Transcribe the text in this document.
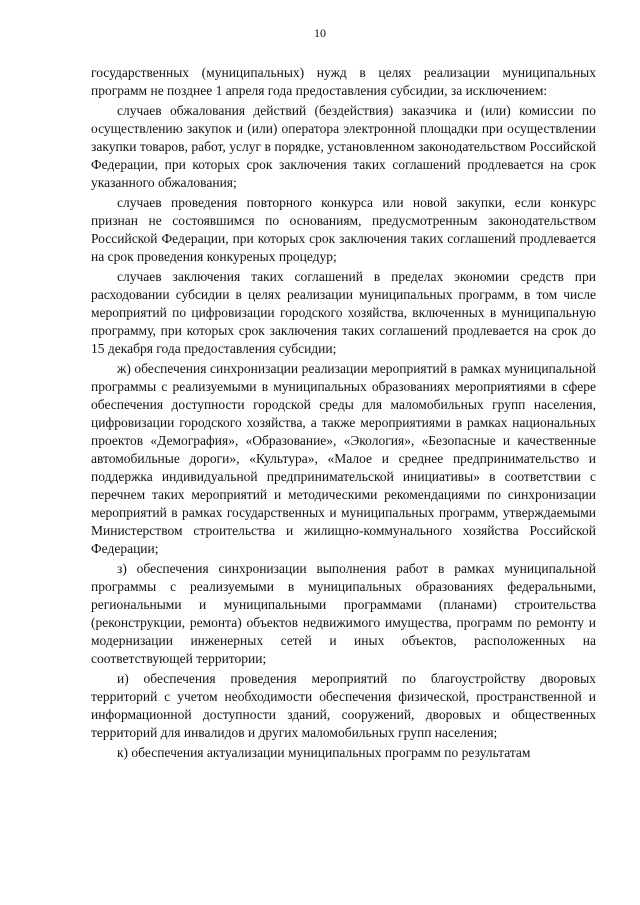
10

государственных (муниципальных) нужд в целях реализации муниципальных программ не позднее 1 апреля года предоставления субсидии, за исключением:

случаев обжалования действий (бездействия) заказчика и (или) комиссии по осуществлению закупок и (или) оператора электронной площадки при осуществлении закупки товаров, работ, услуг в порядке, установленном законодательством Российской Федерации, при которых срок заключения таких соглашений продлевается на срок указанного обжалования;

случаев проведения повторного конкурса или новой закупки, если конкурс признан не состоявшимся по основаниям, предусмотренным законодательством Российской Федерации, при которых срок заключения таких соглашений продлевается на срок проведения конкуреных процедур;

случаев заключения таких соглашений в пределах экономии средств при расходовании субсидии в целях реализации муниципальных программ, в том числе мероприятий по цифровизации городского хозяйства, включенных в муниципальную программу, при которых срок заключения таких соглашений продлевается на срок до 15 декабря года предоставления субсидии;

ж) обеспечения синхронизации реализации мероприятий в рамках муниципальной программы с реализуемыми в муниципальных образованиях мероприятиями в сфере обеспечения доступности городской среды для маломобильных групп населения, цифровизации городского хозяйства, а также мероприятиями в рамках национальных проектов «Демография», «Образование», «Экология», «Безопасные и качественные автомобильные дороги», «Культура», «Малое и среднее предпринимательство и поддержка индивидуальной предпринимательской инициативы» в соответствии с перечнем таких мероприятий и методическими рекомендациями по синхронизации мероприятий в рамках государственных и муниципальных программ, утверждаемыми Министерством строительства и жилищно-коммунального хозяйства Российской Федерации;

з) обеспечения синхронизации выполнения работ в рамках муниципальной программы с реализуемыми в муниципальных образованиях федеральными, региональными и муниципальными программами (планами) строительства (реконструкции, ремонта) объектов недвижимого имущества, программ по ремонту и модернизации инженерных сетей и иных объектов, расположенных на соответствующей территории;

и) обеспечения проведения мероприятий по благоустройству дворовых территорий с учетом необходимости обеспечения физической, пространственной и информационной доступности зданий, сооружений, дворовых и общественных территорий для инвалидов и других маломобильных групп населения;

к) обеспечения актуализации муниципальных программ по результатам
